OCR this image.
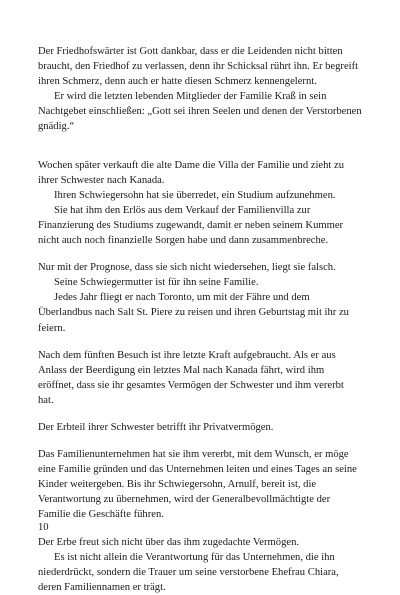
Der Friedhofswärter ist Gott dankbar, dass er die Leidenden nicht bitten braucht, den Friedhof zu verlassen, denn ihr Schicksal rührt ihn. Er begreift ihren Schmerz, denn auch er hatte diesen Schmerz kennengelernt.

Er wird die letzten lebenden Mitglieder der Familie Kraß in sein Nachtgebet einschließen: „Gott sei ihren Seelen und denen der Verstorbenen gnädig.“

Wochen später verkauft die alte Dame die Villa der Familie und zieht zu ihrer Schwester nach Kanada.

Ihren Schwiegersohn hat sie überredet, ein Studium aufzunehmen.

Sie hat ihm den Erlös aus dem Verkauf der Familienvilla zur Finanzierung des Studiums zugewandt, damit er neben seinem Kummer nicht auch noch finanzielle Sorgen habe und dann zusammenbreche.

Nur mit der Prognose, dass sie sich nicht wiedersehen, liegt sie falsch.

Seine Schwiegermutter ist für ihn seine Familie.

Jedes Jahr fliegt er nach Toronto, um mit der Fähre und dem Überlandbus nach Salt St. Piere zu reisen und ihren Geburtstag mit ihr zu feiern.

Nach dem fünften Besuch ist ihre letzte Kraft aufgebraucht. Als er aus Anlass der Beerdigung ein letztes Mal nach Kanada fährt, wird ihm eröffnet, dass sie ihr gesamtes Vermögen der Schwester und ihm vererbt hat.

Der Erbteil ihrer Schwester betrifft ihr Privatvermögen.

Das Familienunternehmen hat sie ihm vererbt, mit dem Wunsch, er möge eine Familie gründen und das Unternehmen leiten und eines Tages an seine Kinder weitergeben. Bis ihr Schwiegersohn, Arnulf, bereit ist, die Verantwortung zu übernehmen, wird der Generalbevollmächtigte der Familie die Geschäfte führen.

Der Erbe freut sich nicht über das ihm zugedachte Vermögen.

Es ist nicht allein die Verantwortung für das Unternehmen, die ihn niederdrückt, sondern die Trauer um seine verstorbene Ehefrau Chiara, deren Familiennamen er trägt.

10
